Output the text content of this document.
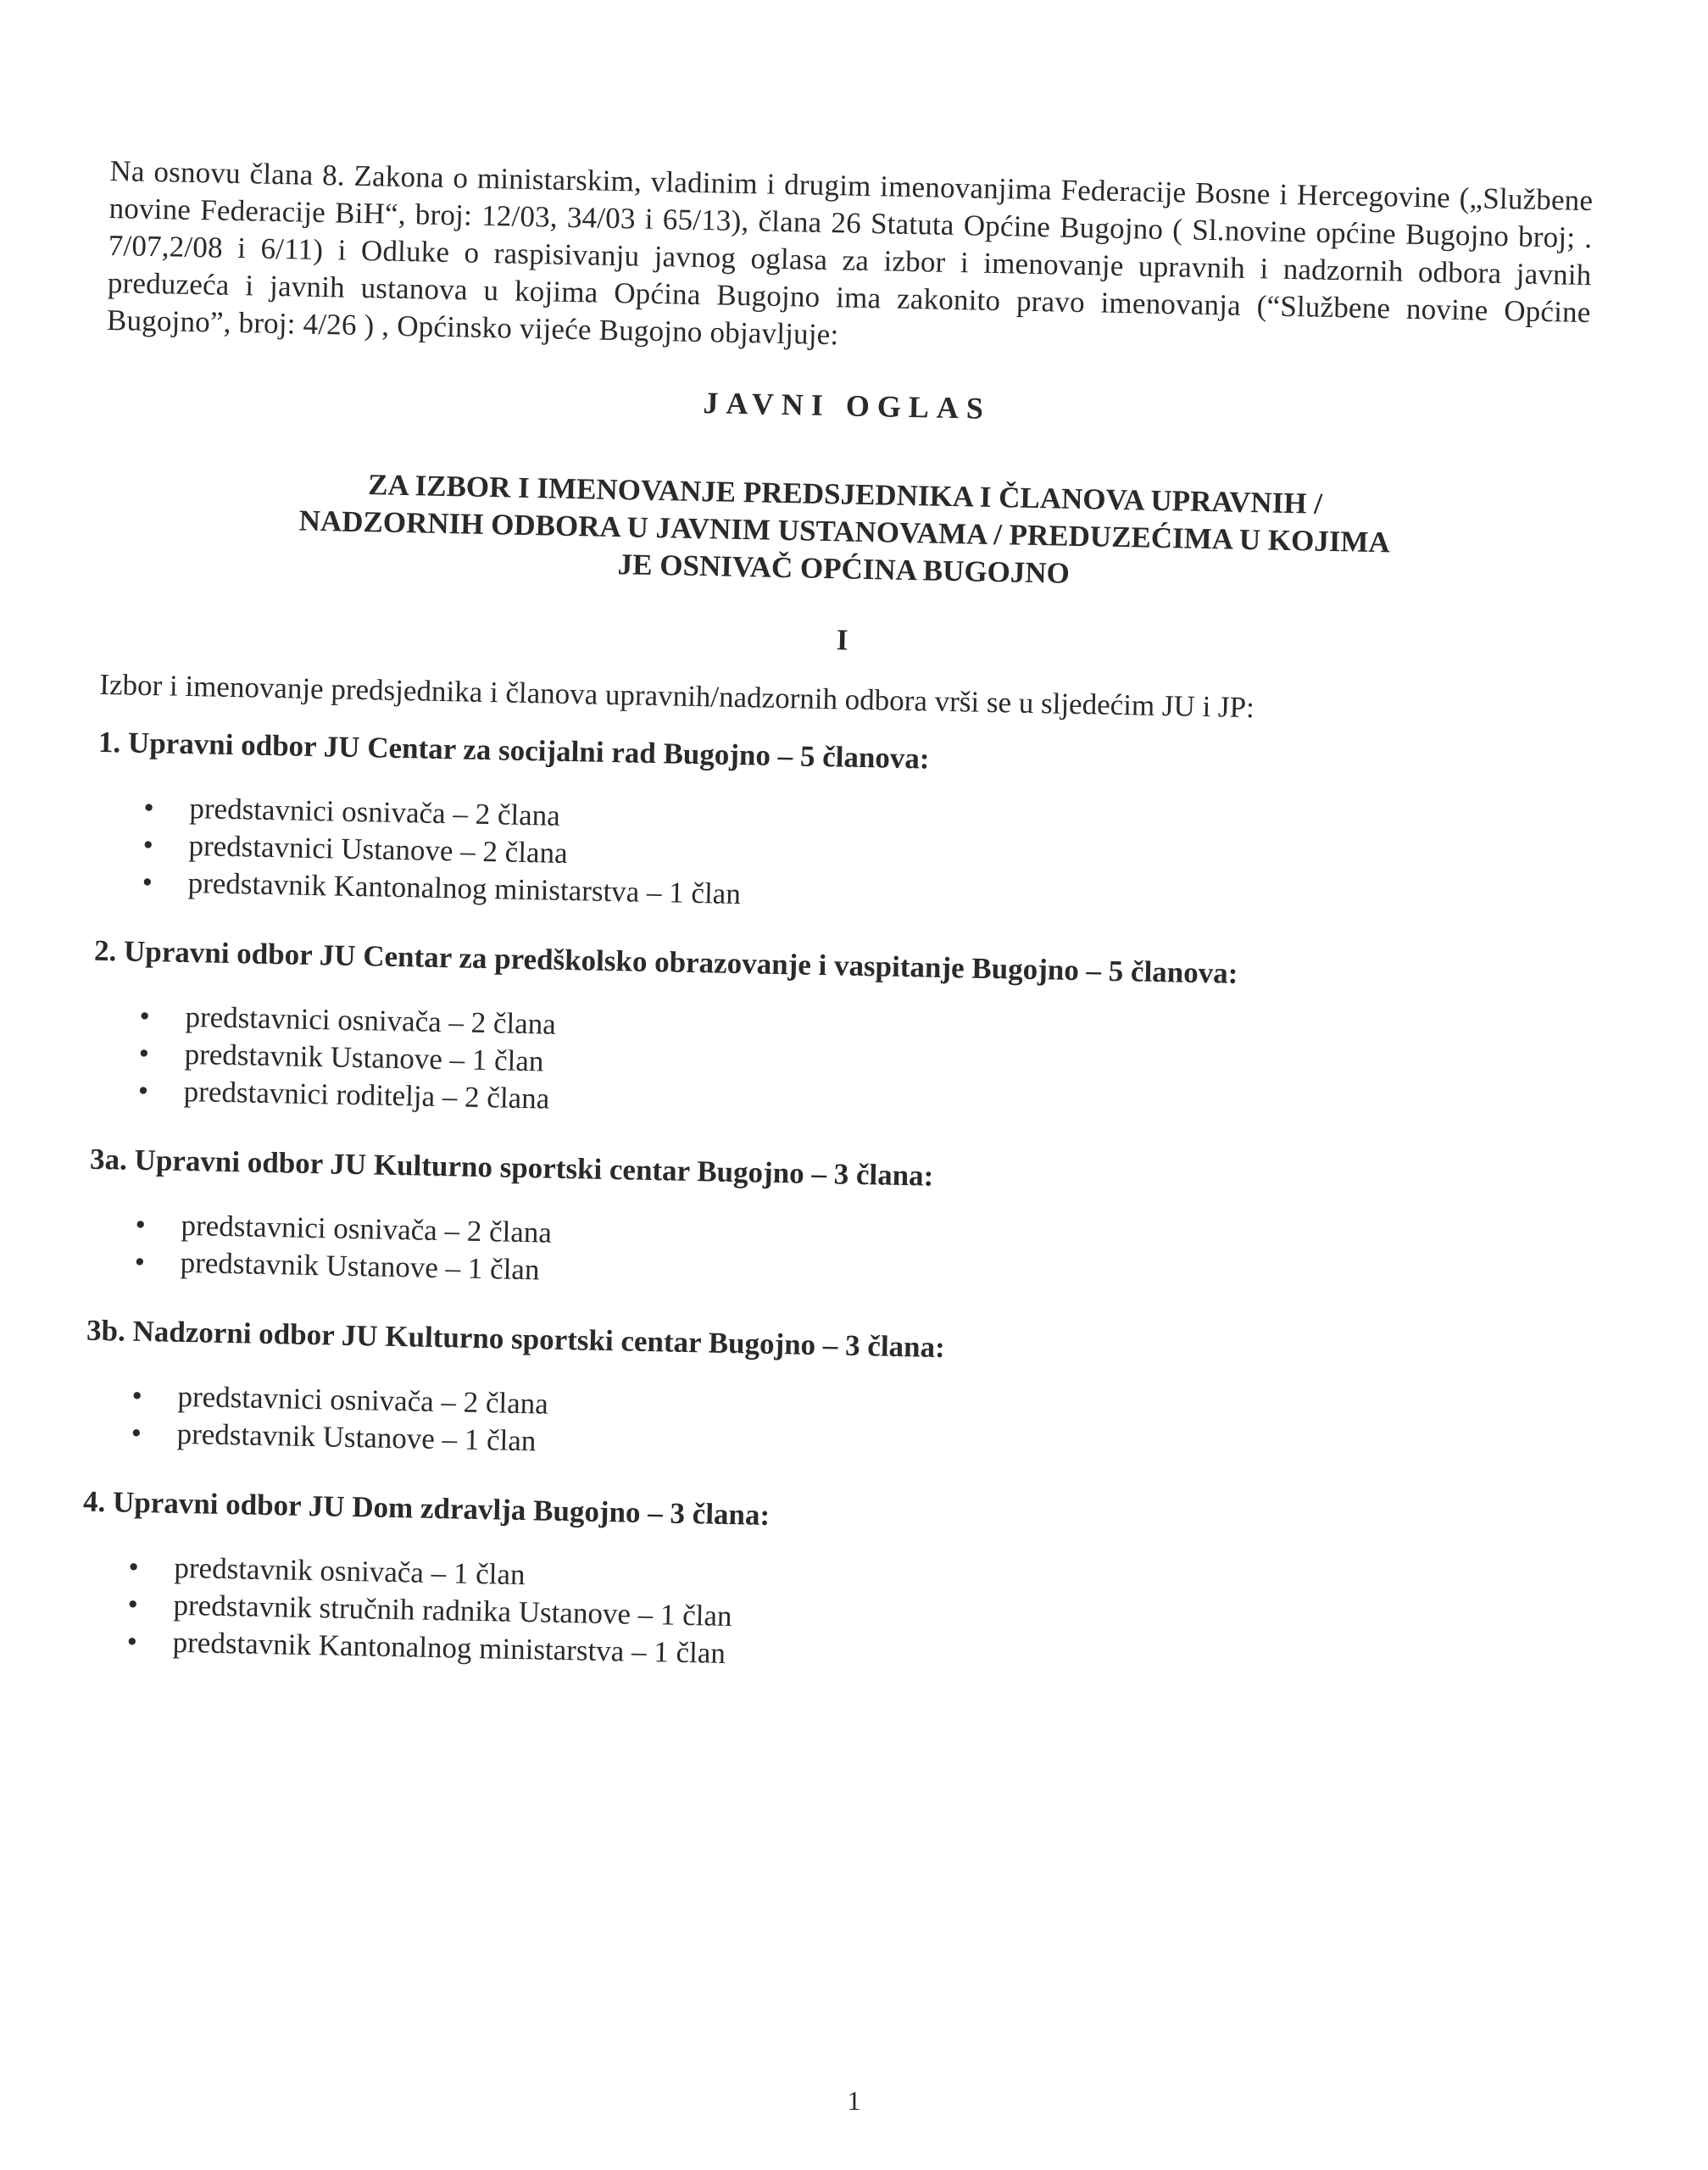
Na osnovu člana 8. Zakona o ministarskim, vladinim i drugim imenovanjima Federacije Bosne i Hercegovine („Službene novine Federacije BiH“, broj: 12/03, 34/03 i 65/13), člana 26 Statuta Općine Bugojno ( Sl.novine općine Bugojno broj; . 7/07,2/08 i 6/11) i Odluke o raspisivanju javnog oglasa za izbor i imenovanje upravnih i nadzornih odbora javnih preduzeća i javnih ustanova u kojima Općina Bugojno ima zakonito pravo imenovanja (“Službene novine Općine Bugojno”, broj: 4/26 ) , Općinsko vijeće Bugojno objavljuje:

JAVNI OGLAS
ZA IZBOR I IMENOVANJE PREDSJEDNIKA I ČLANOVA UPRAVNIH / NADZORNIH ODBORA U JAVNIM USTANOVAMA / PREDUZEĆIMA U KOJIMA JE OSNIVAČ OPĆINA BUGOJNO
I

Izbor i imenovanje predsjednika i članova upravnih/nadzornih odbora vrši se u sljedećim JU i JP:

1. Upravni odbor JU Centar za socijalni rad Bugojno – 5 članova:
• predstavnici osnivača – 2 člana
• predstavnici Ustanove – 2 člana
• predstavnik Kantonalnog ministarstva – 1 član
2. Upravni odbor JU Centar za predškolsko obrazovanje i vaspitanje Bugojno – 5 članova:
• predstavnici osnivača – 2 člana
• predstavnik Ustanove – 1 član
• predstavnici roditelja – 2 člana
3a. Upravni odbor JU Kulturno sportski centar Bugojno – 3 člana:
• predstavnici osnivača – 2 člana
• predstavnik Ustanove – 1 član
3b. Nadzorni odbor JU Kulturno sportski centar Bugojno – 3 člana:
• predstavnici osnivača – 2 člana
• predstavnik Ustanove – 1 član
4. Upravni odbor JU Dom zdravlja Bugojno – 3 člana:
• predstavnik osnivača – 1 član
• predstavnik stručnih radnika Ustanove – 1 član
• predstavnik Kantonalnog ministarstva – 1 član
1
